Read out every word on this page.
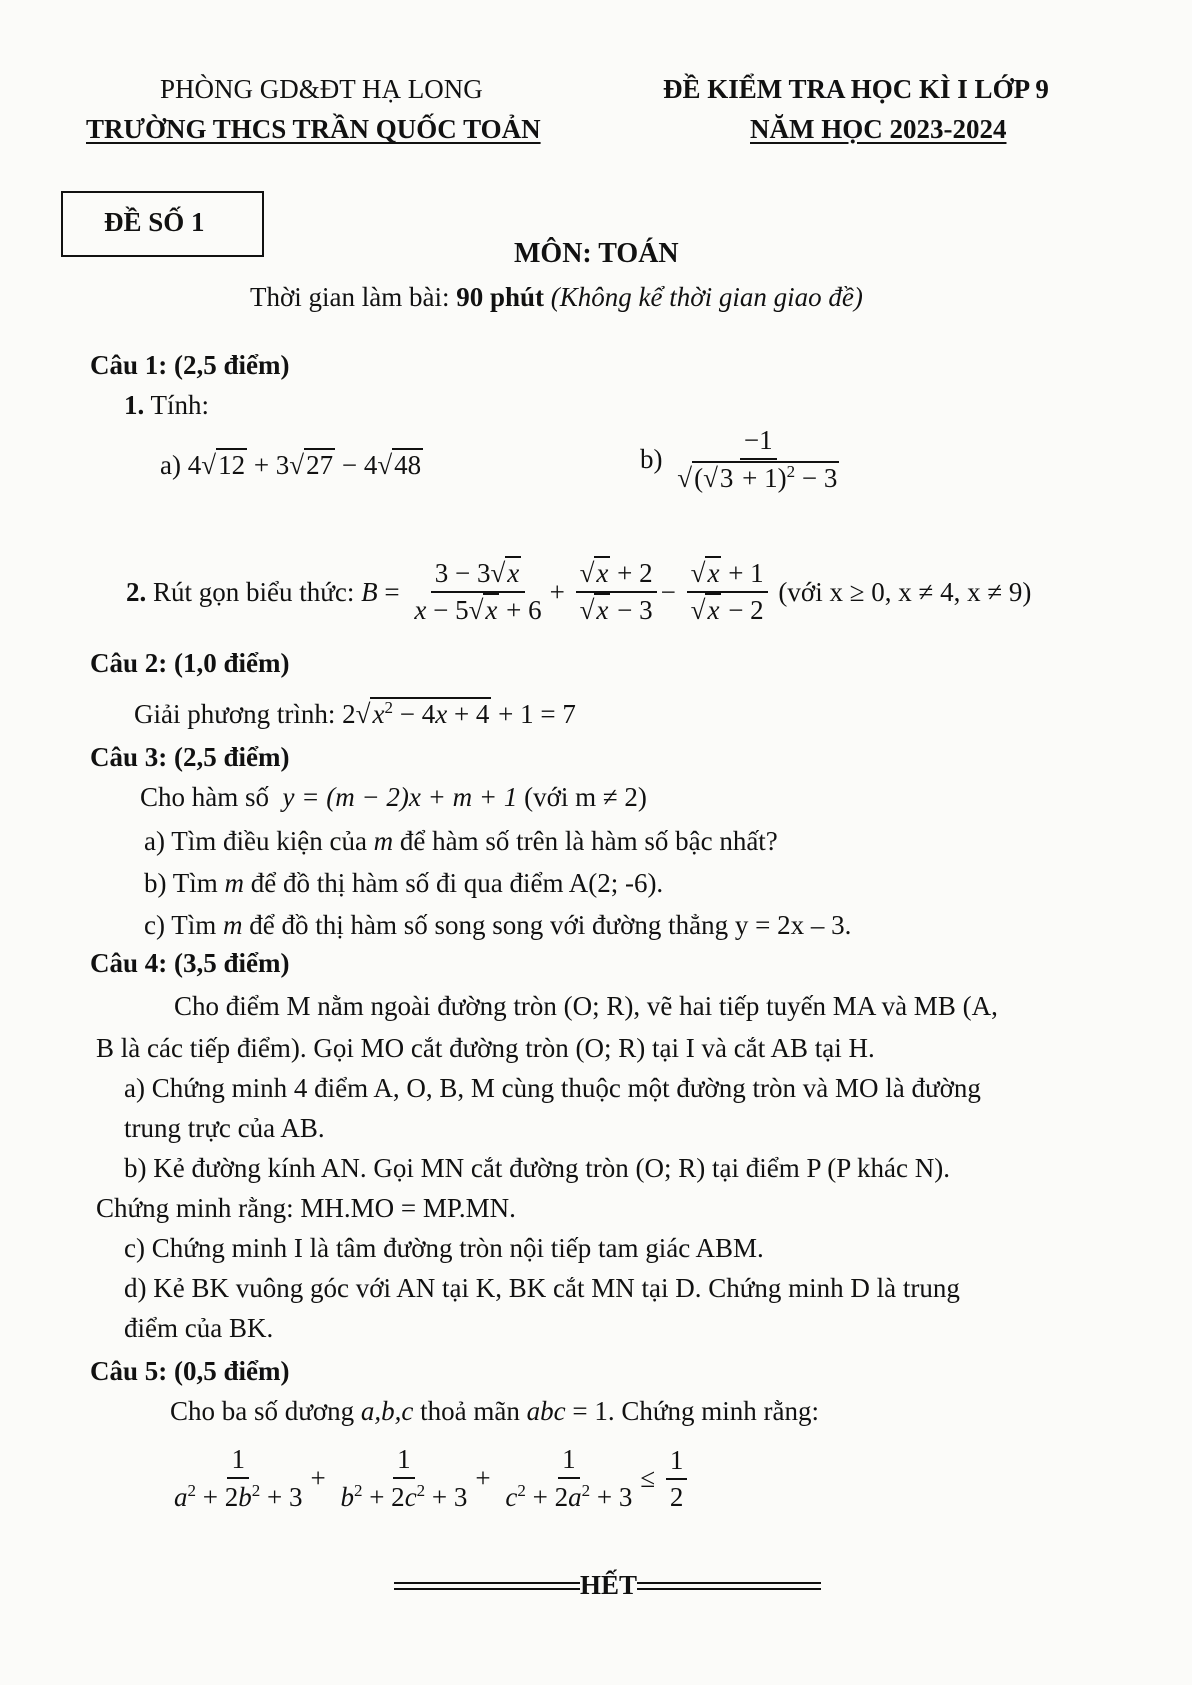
PHÒNG GD&ĐT HẠ LONG
TRƯỜNG THCS TRẦN QUỐC TOẢN
ĐỀ KIỂM TRA HỌC KÌ I LỚP 9
NĂM HỌC 2023-2024
ĐỀ SỐ 1
MÔN: TOÁN
Thời gian làm bài: 90 phút (Không kể thời gian giao đề)
Câu 1: (2,5 điểm)
1. Tính:
a) 4√12 + 3√27 − 4√48	$b) \frac{-1}{√(√3 + 1)^2 - 3}$
2. Rút gọn biểu thức: $B = \frac{3 - 3√x}{x - 5√x + 6} + \frac{√x + 2}{√x - 3} - \frac{√x + 1}{√x - 2}$ (với x ≥ 0, x ≠ 4, x ≠ 9)
Câu 2: (1,0 điểm)
Giải phương trình: $2√x^2 - 4x + 4 + 1 = 7$
Câu 3: (2,5 điểm)
Cho hàm số y = (m − 2)x + m + 1 (với m ≠ 2)
a) Tìm điều kiện của m để hàm số trên là hàm số bậc nhất?
b) Tìm m để đồ thị hàm số đi qua điểm A(2; -6).
c) Tìm m để đồ thị hàm số song song với đường thẳng y = 2x – 3.
Câu 4: (3,5 điểm)
Cho điểm M nằm ngoài đường tròn (O; R), vẽ hai tiếp tuyến MA và MB (A,
B là các tiếp điểm). Gọi MO cắt đường tròn (O; R) tại I và cắt AB tại H.
a) Chứng minh 4 điểm A, O, B, M cùng thuộc một đường tròn và MO là đường
trung trực của AB.
b) Kẻ đường kính AN. Gọi MN cắt đường tròn (O; R) tại điểm P (P khác N).
Chứng minh rằng: MH.MO = MP.MN.
c) Chứng minh I là tâm đường tròn nội tiếp tam giác ABM.
d) Kẻ BK vuông góc với AN tại K, BK cắt MN tại D. Chứng minh D là trung
điểm của BK.
Câu 5: (0,5 điểm)
Cho ba số dương a,b,c thoả mãn abc = 1. Chứng minh rằng:
$\frac{1}{a^2 + 2b^2 + 3} + \frac{1}{b^2 + 2c^2 + 3} + \frac{1}{c^2 + 2a^2 + 3} \le \frac{1}{2}$
HẾT
